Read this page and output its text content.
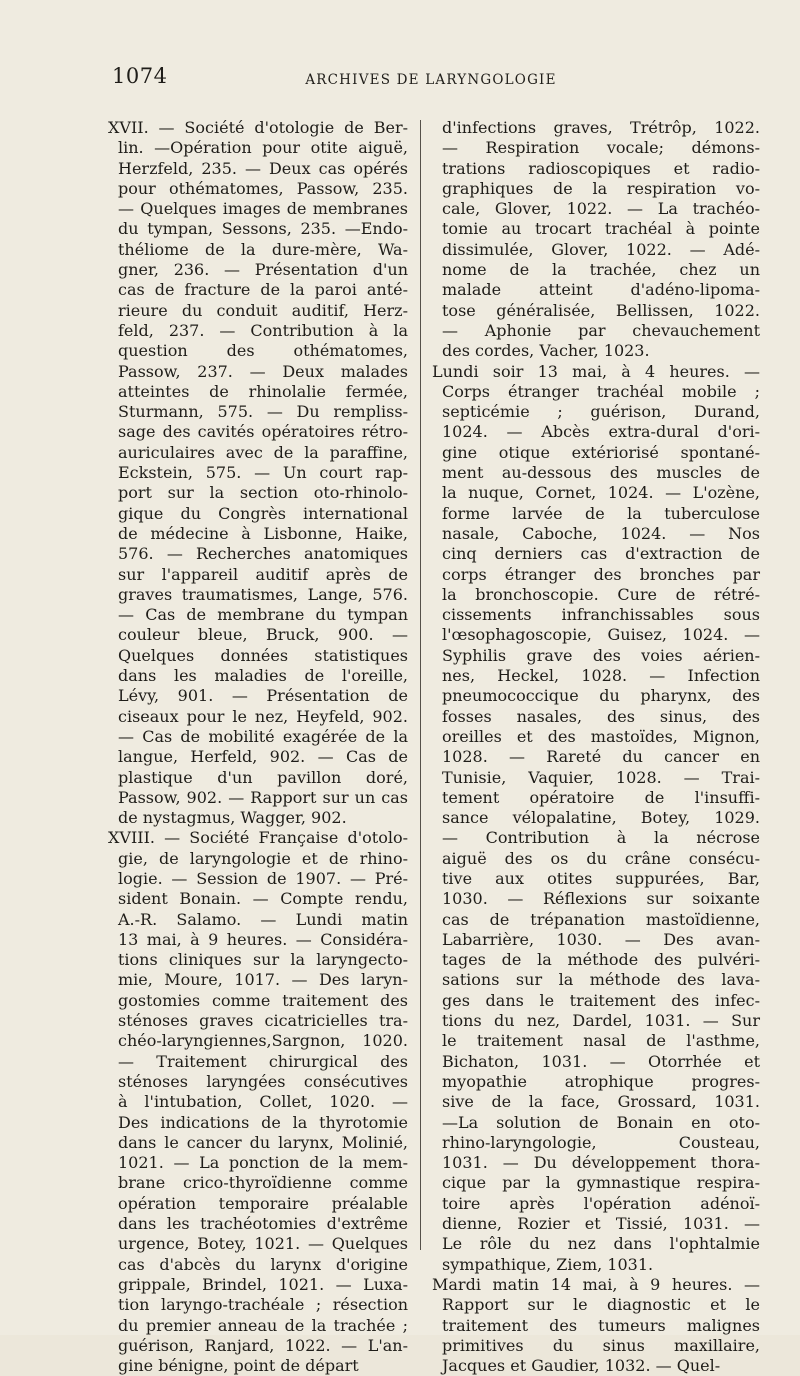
1074	ARCHIVES DE LARYNGOLOGIE
XVII. — Société d'otologie de Ber-
lin. —Opération pour otite aiguë,
Herzfeld, 235. — Deux cas opérés
pour othématomes, Passow, 235.
— Quelques images de membranes
du tympan, Sessons, 235. —Endo-
théliome de la dure-mère, Wa-
gner, 236. — Présentation d'un
cas de fracture de la paroi anté-
rieure du conduit auditif, Herz-
feld, 237. — Contribution à la
question des othématomes,
Passow, 237. — Deux malades
atteintes de rhinolalie fermée,
Sturmann, 575. — Du rempliss-
sage des cavités opératoires rétro-
auriculaires avec de la paraffine,
Eckstein, 575. — Un court rap-
port sur la section oto-rhinolo-
gique du Congrès international
de médecine à Lisbonne, Haike,
576. — Recherches anatomiques
sur l'appareil auditif après de
graves traumatismes, Lange, 576.
— Cas de membrane du tympan
couleur bleue, Bruck, 900. —
Quelques données statistiques
dans les maladies de l'oreille,
Lévy, 901. — Présentation de
ciseaux pour le nez, Heyfeld, 902.
— Cas de mobilité exagérée de la
langue, Herfeld, 902. — Cas de
plastique d'un pavillon doré,
Passow, 902. — Rapport sur un cas
de nystagmus, Wagger, 902.
XVIII. — Société Française d'otolo-
gie, de laryngologie et de rhino-
logie. — Session de 1907. — Pré-
sident Bonain. — Compte rendu,
A.-R. Salamo. — Lundi matin
13 mai, à 9 heures. — Considéra-
tions cliniques sur la laryngecto-
mie, Moure, 1017. — Des laryn-
gostomies comme traitement des
sténoses graves cicatricielles tra-
chéo-laryngiennes,Sargnon, 1020.
— Traitement chirurgical des
sténoses laryngées consécutives
à l'intubation, Collet, 1020. —
Des indications de la thyrotomie
dans le cancer du larynx, Molinié,
1021. — La ponction de la mem-
brane crico-thyroïdienne comme
opération temporaire préalable
dans les trachéotomies d'extrême
urgence, Botey, 1021. — Quelques
cas d'abcès du larynx d'origine
grippale, Brindel, 1021. — Luxa-
tion laryngo-trachéale ; résection
du premier anneau de la trachée ;
guérison, Ranjard, 1022. — L'an-
gine bénigne, point de départ
d'infections graves, Trétrôp, 1022.
— Respiration vocale; démons-
trations radioscopiques et radio-
graphiques de la respiration vo-
cale, Glover, 1022. — La trachéo-
tomie au trocart trachéal à pointe
dissimulée, Glover, 1022. — Adé-
nome de la trachée, chez un
malade atteint d'adéno-lipoma-
tose généralisée, Bellissen, 1022.
— Aphonie par chevauchement
des cordes, Vacher, 1023.
Lundi soir 13 mai, à 4 heures. —
Corps étranger trachéal mobile ;
septicémie ; guérison, Durand,
1024. — Abcès extra-dural d'ori-
gine otique extériorisé spontané-
ment au-dessous des muscles de
la nuque, Cornet, 1024. — L'ozène,
forme larvée de la tuberculose
nasale, Caboche, 1024. — Nos
cinq derniers cas d'extraction de
corps étranger des bronches par
la bronchoscopie. Cure de rétré-
cissements infranchissables sous
l'œsophagoscopie, Guisez, 1024. —
Syphilis grave des voies aérien-
nes, Heckel, 1028. — Infection
pneumococcique du pharynx, des
fosses nasales, des sinus, des
oreilles et des mastoïdes, Mignon,
1028. — Rareté du cancer en
Tunisie, Vaquier, 1028. — Trai-
tement opératoire de l'insuffi-
sance vélopalatine, Botey, 1029.
— Contribution à la nécrose
aiguë des os du crâne consécu-
tive aux otites suppurées, Bar,
1030. — Réflexions sur soixante
cas de trépanation mastoïdienne,
Labarrière, 1030. — Des avan-
tages de la méthode des pulvéri-
sations sur la méthode des lava-
ges dans le traitement des infec-
tions du nez, Dardel, 1031. — Sur
le traitement nasal de l'asthme,
Bichaton, 1031. — Otorrhée et
myopathie atrophique progres-
sive de la face, Grossard, 1031.
—La solution de Bonain en oto-
rhino-laryngologie, Cousteau,
1031. — Du développement thora-
cique par la gymnastique respira-
toire après l'opération adénoï-
dienne, Rozier et Tissié, 1031. —
Le rôle du nez dans l'ophtalmie
sympathique, Ziem, 1031.
Mardi matin 14 mai, à 9 heures. —
Rapport sur le diagnostic et le
traitement des tumeurs malignes
primitives du sinus maxillaire,
Jacques et Gaudier, 1032. — Quel-
